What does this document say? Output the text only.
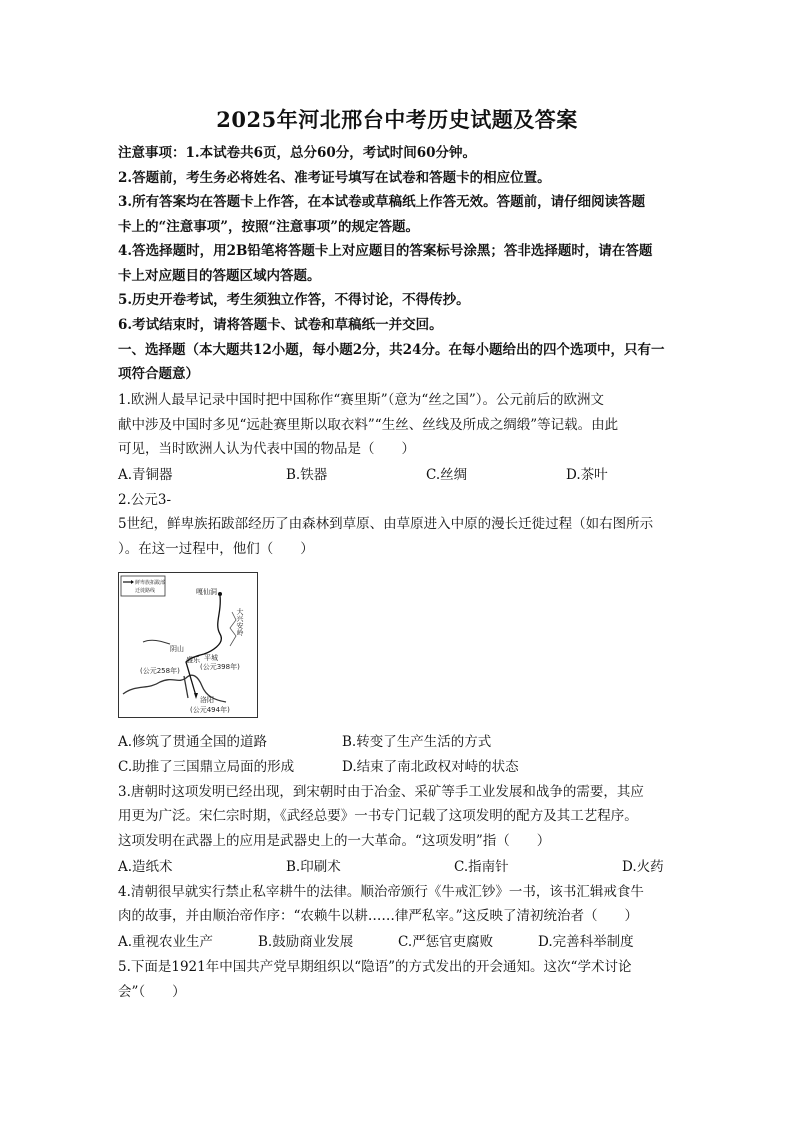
2025年河北邢台中考历史试题及答案
注意事项：1.本试卷共6页，总分60分，考试时间60分钟。
2.答题前，考生务必将姓名、准考证号填写在试卷和答题卡的相应位置。
3.所有答案均在答题卡上作答，在本试卷或草稿纸上作答无效。答题前，请仔细阅读答题
卡上的“注意事项”，按照“注意事项”的规定答题。
4.答选择题时，用2B铅笔将答题卡上对应题目的答案标号涂黑；答非选择题时，请在答题
卡上对应题目的答题区域内答题。
5.历史开卷考试，考生须独立作答，不得讨论，不得传抄。
6.考试结束时，请将答题卡、试卷和草稿纸一并交回。
一、选择题（本大题共12小题，每小题2分，共24分。在每小题给出的四个选项中，只有一
项符合题意）
1.欧洲人最早记录中国时把中国称作“赛里斯”（意为“丝之国”）。公元前后的欧洲文
献中涉及中国时多见“远赴赛里斯以取衣料”“生丝、丝线及所成之绸缎”等记载。由此
可见，当时欧洲人认为代表中国的物品是（　　）
A.青铜器	B.铁器	C.丝绸	D.茶叶
2.公元3-
5世纪，鲜卑族拓跋部经历了由森林到草原、由草原进入中原的漫长迁徙过程（如右图所示
）。在这一过程中，他们（　　）
鲜卑族拓跋部
迁徙路线	嘎仙洞
大兴安岭
阴山
盛乐
(公元258年)
平城
(公元398年)
洛阳
(公元494年)
A.修筑了贯通全国的道路	B.转变了生产生活的方式
C.助推了三国鼎立局面的形成	D.结束了南北政权对峙的状态
3.唐朝时这项发明已经出现，到宋朝时由于冶金、采矿等手工业发展和战争的需要，其应
用更为广泛。宋仁宗时期，《武经总要》一书专门记载了这项发明的配方及其工艺程序。
这项发明在武器上的应用是武器史上的一大革命。“这项发明”指（　　）
A.造纸术	B.印刷术	C.指南针	D.火药
4.清朝很早就实行禁止私宰耕牛的法律。顺治帝颁行《牛戒汇钞》一书，该书汇辑戒食牛
肉的故事，并由顺治帝作序：“农赖牛以耕……律严私宰。”这反映了清初统治者（　　）
A.重视农业生产	B.鼓励商业发展	C.严惩官吏腐败	D.完善科举制度
5.下面是1921年中国共产党早期组织以“隐语”的方式发出的开会通知。这次“学术讨论
会”（　　）
